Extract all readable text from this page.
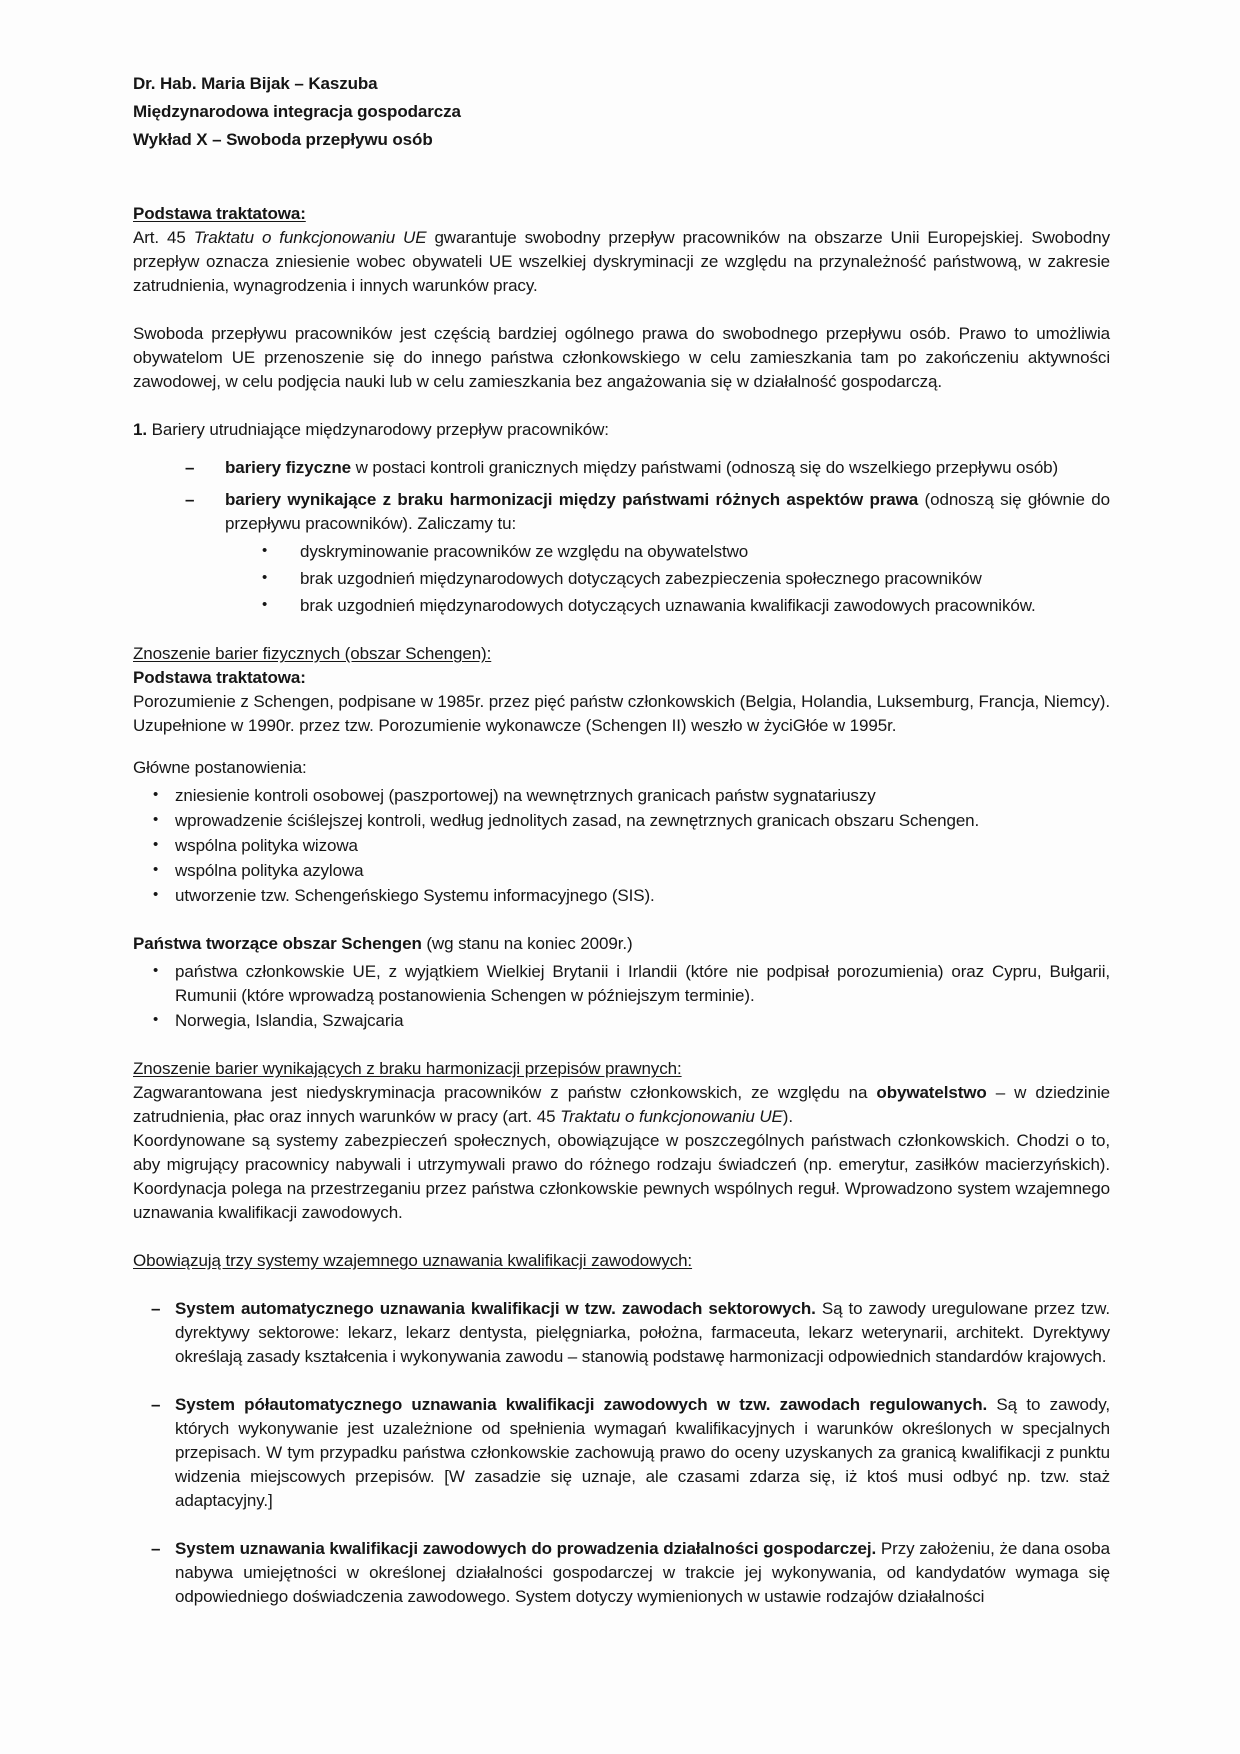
Dr. Hab. Maria Bijak – Kaszuba
Międzynarodowa integracja gospodarcza
Wykład X – Swoboda przepływu osób
Podstawa traktatowa:

Art. 45 Traktatu o funkcjonowaniu UE gwarantuje swobodny przepływ pracowników na obszarze Unii Europejskiej. Swobodny przepływ oznacza zniesienie wobec obywateli UE wszelkiej dyskryminacji ze względu na przynależność państwową, w zakresie zatrudnienia, wynagrodzenia i innych warunków pracy.

Swoboda przepływu pracowników jest częścią bardziej ogólnego prawa do swobodnego przepływu osób. Prawo to umożliwia obywatelom UE przenoszenie się do innego państwa członkowskiego w celu zamieszkania tam po zakończeniu aktywności zawodowej, w celu podjęcia nauki lub w celu zamieszkania bez angażowania się w działalność gospodarczą.

1. Bariery utrudniające międzynarodowy przepływ pracowników:

– bariery fizyczne w postaci kontroli granicznych między państwami (odnoszą się do wszelkiego przepływu osób)
– bariery wynikające z braku harmonizacji między państwami różnych aspektów prawa (odnoszą się głównie do przepływu pracowników). Zaliczamy tu:
• dyskryminowanie pracowników ze względu na obywatelstwo
• brak uzgodnień międzynarodowych dotyczących zabezpieczenia społecznego pracowników
• brak uzgodnień międzynarodowych dotyczących uznawania kwalifikacji zawodowych pracowników.
Znoszenie barier fizycznych (obszar Schengen):
Podstawa traktatowa:

Porozumienie z Schengen, podpisane w 1985r. przez pięć państw członkowskich (Belgia, Holandia, Luksemburg, Francja, Niemcy). Uzupełnione w 1990r. przez tzw. Porozumienie wykonawcze (Schengen II) weszło w życiGłóe w 1995r.

Główne postanowienia:
• zniesienie kontroli osobowej (paszportowej) na wewnętrznych granicach państw sygnatariuszy
• wprowadzenie ściślejszej kontroli, według jednolitych zasad, na zewnętrznych granicach obszaru Schengen.
• wspólna polityka wizowa
• wspólna polityka azylowa
• utworzenie tzw. Schengeńskiego Systemu informacyjnego (SIS).

Państwa tworzące obszar Schengen (wg stanu na koniec 2009r.)

• państwa członkowskie UE, z wyjątkiem Wielkiej Brytanii i Irlandii (które nie podpisał porozumienia) oraz Cypru, Bułgarii, Rumunii (które wprowadzą postanowienia Schengen w późniejszym terminie).
• Norwegia, Islandia, Szwajcaria
Znoszenie barier wynikających z braku harmonizacji przepisów prawnych:

Zagwarantowana jest niedyskryminacja pracowników z państw członkowskich, ze względu na obywatelstwo – w dziedzinie zatrudnienia, płac oraz innych warunków w pracy (art. 45 Traktatu o funkcjonowaniu UE).

Koordynowane są systemy zabezpieczeń społecznych, obowiązujące w poszczególnych państwach członkowskich. Chodzi o to, aby migrujący pracownicy nabywali i utrzymywali prawo do różnego rodzaju świadczeń (np. emerytur, zasiłków macierzyńskich). Koordynacja polega na przestrzeganiu przez państwa członkowskie pewnych wspólnych reguł. Wprowadzono system wzajemnego uznawania kwalifikacji zawodowych.

Obowiązują trzy systemy wzajemnego uznawania kwalifikacji zawodowych:
– System automatycznego uznawania kwalifikacji w tzw. zawodach sektorowych. Są to zawody uregulowane przez tzw. dyrektywy sektorowe: lekarz, lekarz dentysta, pielęgniarka, położna, farmaceuta, lekarz weterynarii, architekt. Dyrektywy określają zasady kształcenia i wykonywania zawodu – stanowią podstawę harmonizacji odpowiednich standardów krajowych.
– System półautomatycznego uznawania kwalifikacji zawodowych w tzw. zawodach regulowanych. Są to zawody, których wykonywanie jest uzależnione od spełnienia wymagań kwalifikacyjnych i warunków określonych w specjalnych przepisach. W tym przypadku państwa członkowskie zachowują prawo do oceny uzyskanych za granicą kwalifikacji z punktu widzenia miejscowych przepisów. [W zasadzie się uznaje, ale czasami zdarza się, iż ktoś musi odbyć np. tzw. staż adaptacyjny.]
– System uznawania kwalifikacji zawodowych do prowadzenia działalności gospodarczej. Przy założeniu, że dana osoba nabywa umiejętności w określonej działalności gospodarczej w trakcie jej wykonywania, od kandydatów wymaga się odpowiedniego doświadczenia zawodowego. System dotyczy wymienionych w ustawie rodzajów działalności
